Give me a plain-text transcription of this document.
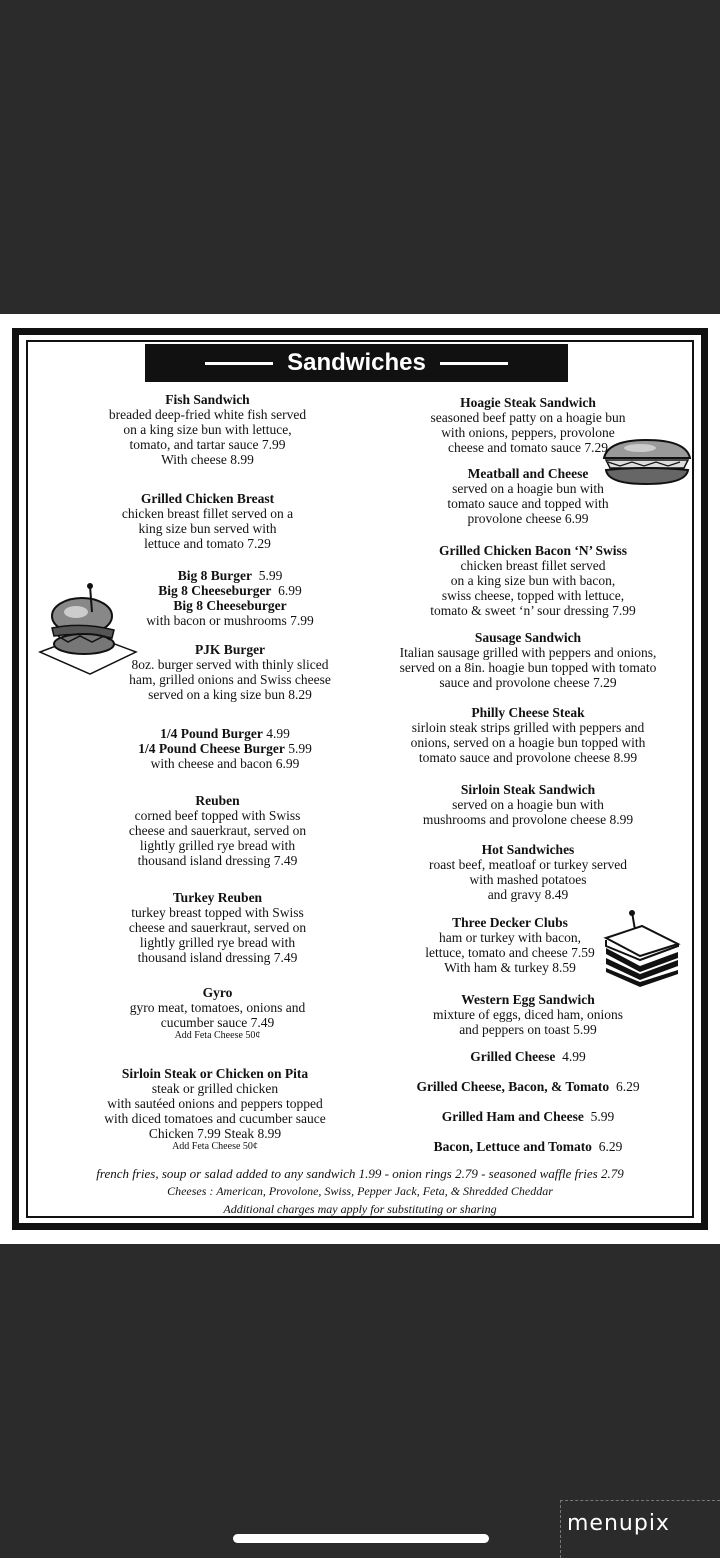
Sandwiches
Fish Sandwich
breaded deep-fried white fish served
on a king size bun with lettuce,
tomato, and tartar sauce 7.99
With cheese 8.99
Grilled Chicken Breast
chicken breast fillet served on a
king size bun served with
lettuce and tomato 7.29
Big 8 Burger 5.99
Big 8 Cheeseburger 6.99
Big 8 Cheeseburger
with bacon or mushrooms 7.99
PJK Burger
8oz. burger served with thinly sliced
ham, grilled onions and Swiss cheese
served on a king size bun 8.29
1/4 Pound Burger 4.99
1/4 Pound Cheese Burger 5.99
with cheese and bacon 6.99
Reuben
corned beef topped with Swiss
cheese and sauerkraut, served on
lightly grilled rye bread with
thousand island dressing 7.49
Turkey Reuben
turkey breast topped with Swiss
cheese and sauerkraut, served on
lightly grilled rye bread with
thousand island dressing 7.49
Gyro
gyro meat, tomatoes, onions and
cucumber sauce 7.49
Add Feta Cheese 50¢
Sirloin Steak or Chicken on Pita
steak or grilled chicken
with sautéed onions and peppers topped
with diced tomatoes and cucumber sauce
Chicken 7.99 Steak 8.99
Add Feta Cheese 50¢
Hoagie Steak Sandwich
seasoned beef patty on a hoagie bun
with onions, peppers, provolone
cheese and tomato sauce 7.29
Meatball and Cheese
served on a hoagie bun with
tomato sauce and topped with
provolone cheese 6.99
Grilled Chicken Bacon ‘N’ Swiss
chicken breast fillet served
on a king size bun with bacon,
swiss cheese, topped with lettuce,
tomato & sweet ‘n’ sour dressing 7.99
Sausage Sandwich
Italian sausage grilled with peppers and onions,
served on a 8in. hoagie bun topped with tomato
sauce and provolone cheese 7.29
Philly Cheese Steak
sirloin steak strips grilled with peppers and
onions, served on a hoagie bun topped with
tomato sauce and provolone cheese 8.99
Sirloin Steak Sandwich
served on a hoagie bun with
mushrooms and provolone cheese 8.99
Hot Sandwiches
roast beef, meatloaf or turkey served
with mashed potatoes
and gravy 8.49
Three Decker Clubs
ham or turkey with bacon,
lettuce, tomato and cheese 7.59
With ham & turkey 8.59
Western Egg Sandwich
mixture of eggs, diced ham, onions
and peppers on toast 5.99
Grilled Cheese 4.99
Grilled Cheese, Bacon, & Tomato 6.29
Grilled Ham and Cheese 5.99
Bacon, Lettuce and Tomato 6.29
french fries, soup or salad added to any sandwich 1.99 - onion rings 2.79 - seasoned waffle fries 2.79
Cheeses : American, Provolone, Swiss, Pepper Jack, Feta, & Shredded Cheddar
Additional charges may apply for substituting or sharing
menupix
